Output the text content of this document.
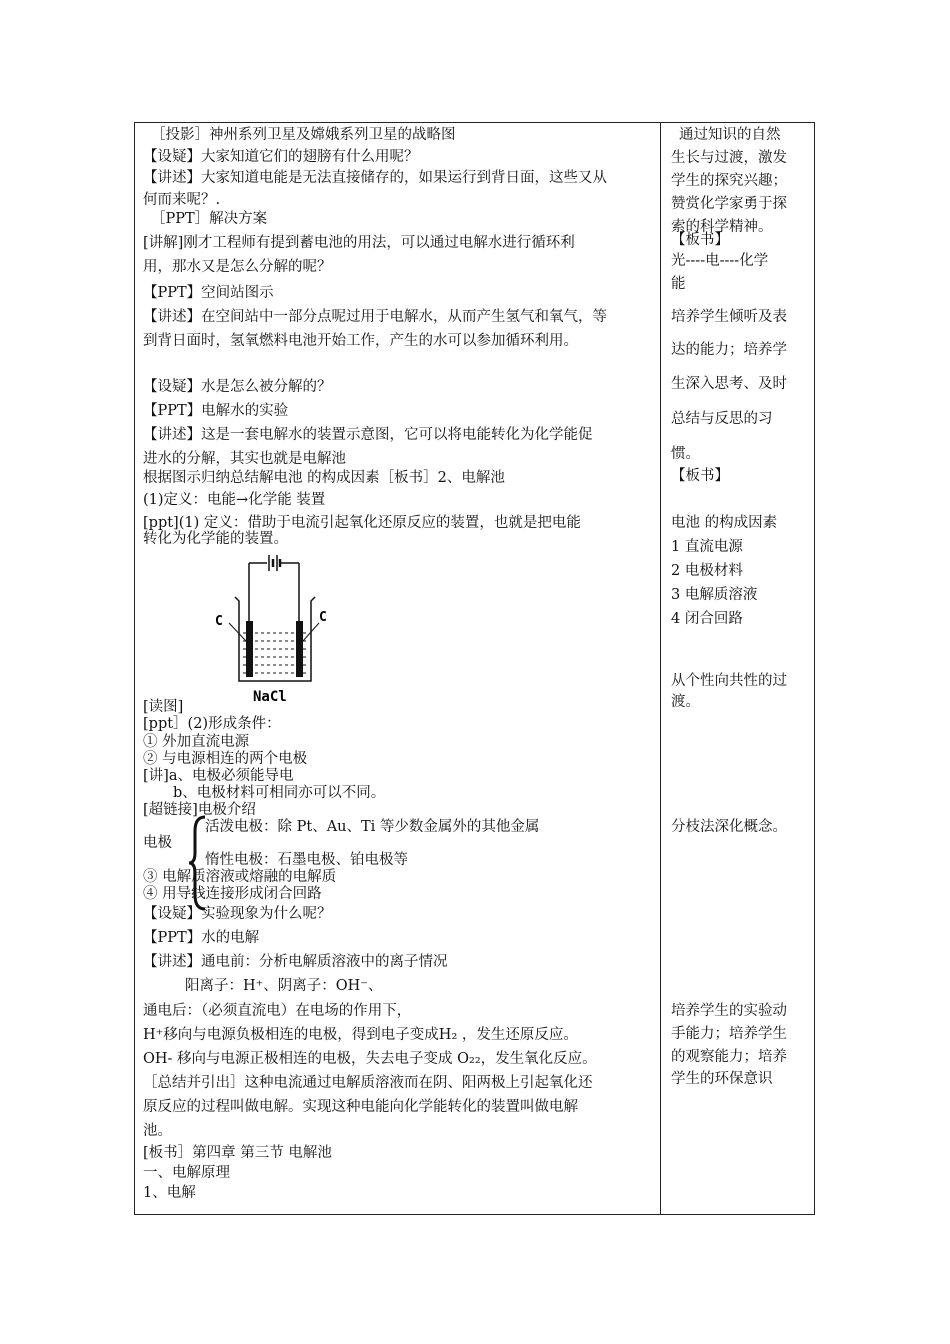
［投影］神州系列卫星及嫦娥系列卫星的战略图
【设疑】大家知道它们的翅膀有什么用呢？
【讲述】大家知道电能是无法直接储存的，如果运行到背日面，这些又从
何而来呢？.
［PPT］解决方案
[讲解]刚才工程师有提到蓄电池的用法，可以通过电解水进行循环利
用，那水又是怎么分解的呢？
【PPT】空间站图示
【讲述】在空间站中一部分点呢过用于电解水，从而产生氢气和氧气，等
到背日面时，氢氧燃料电池开始工作，产生的水可以参加循环利用。
【设疑】水是怎么被分解的？
【PPT】电解水的实验
【讲述】这是一套电解水的装置示意图，它可以将电能转化为化学能促
进水的分解，其实也就是电解池
根据图示归纳总结解电池 的构成因素［板书］2、电解池
(1)定义：电能→化学能 装置
[ppt](1) 定义：借助于电流引起氧化还原反应的装置，也就是把电能
转化为化学能的装置。
C	C
NaCl
[读图]
[ppt］(2)形成条件：
① 外加直流电源
② 与电源相连的两个电极
[讲]a、电极必须能导电
b、电极材料可相同亦可以不同。
[超链接]电极介绍
活泼电极：除 Pt、Au、Ti 等少数金属外的其他金属
电极
惰性电极：石墨电极、铂电极等
③ 电解质溶液或熔融的电解质
④ 用导线连接形成闭合回路
【设疑】实验现象为什么呢？
【PPT】水的电解
【讲述】通电前：分析电解质溶液中的离子情况
阳离子：H⁺、阴离子：OH⁻、
通电后：（必须直流电）在电场的作用下，
H⁺移向与电源负极相连的电极，得到电子变成H₂ ，发生还原反应。
OH- 移向与电源正极相连的电极，失去电子变成 O₂₂，发生氧化反应。
［总结并引出］这种电流通过电解质溶液而在阴、阳两极上引起氧化还
原反应的过程叫做电解。实现这种电能向化学能转化的装置叫做电解
池。
[板书］第四章 第三节 电解池
一、电解原理
1、电解
通过知识的自然
生长与过渡，激发
学生的探究兴趣；
赞赏化学家勇于探
索的科学精神。
【板书】
光----电----化学
能
培养学生倾听及表
达的能力；培养学
生深入思考、及时
总结与反思的习
惯。
【板书】
电池 的构成因素
1 直流电源
2 电极材料
3 电解质溶液
4 闭合回路
从个性向共性的过
渡。
分枝法深化概念。
培养学生的实验动
手能力；培养学生
的观察能力；培养
学生的环保意识
